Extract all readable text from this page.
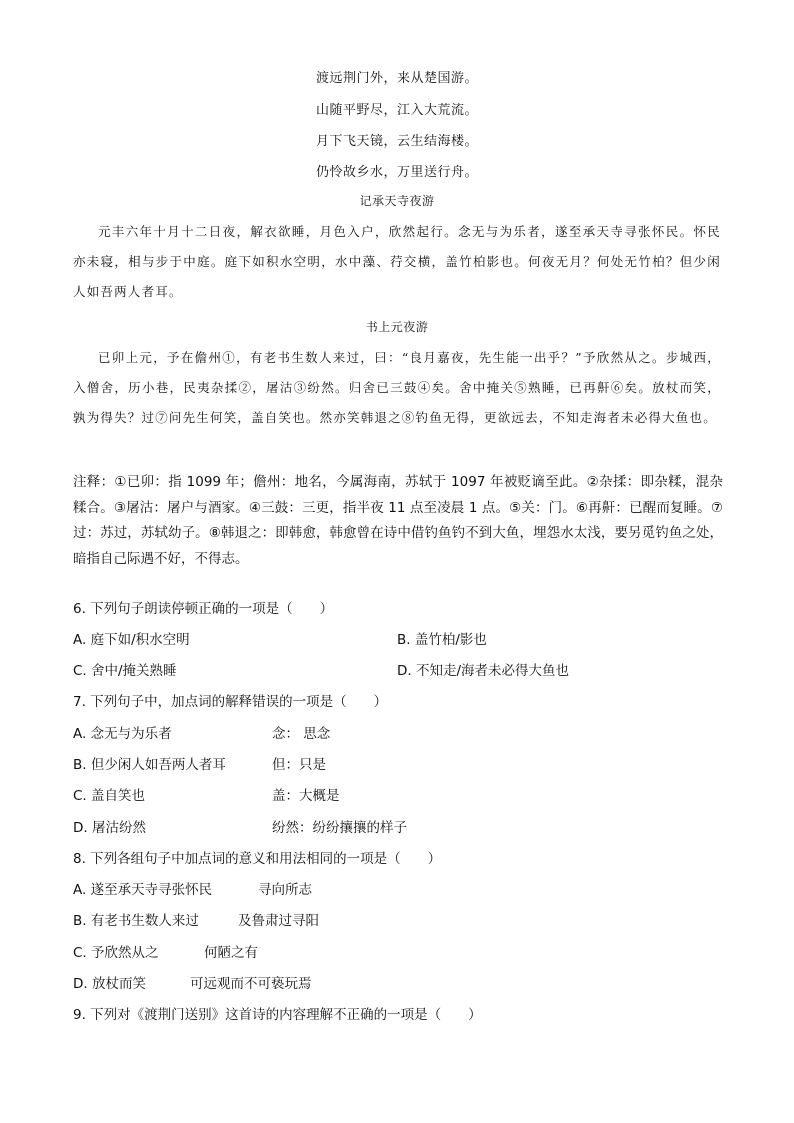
渡远荆门外，来从楚国游。
山随平野尽，江入大荒流。
月下飞天镜，云生结海楼。
仍怜故乡水，万里送行舟。
记承天寺夜游

元丰六年十月十二日夜，解衣欲睡，月色入户，欣然起行。念无与为乐者，遂至承天寺寻张怀民。怀民亦未寝，相与步于中庭。庭下如积水空明，水中藻、荇交横，盖竹柏影也。何夜无月？何处无竹柏？但少闲人如吾两人者耳。

书上元夜游

已卯上元，予在儋州①，有老书生数人来过，曰：“良月嘉夜，先生能一出乎？”予欣然从之。步城西，入僧舍，历小巷，民夷杂揉②，屠沽③纷然。归舍已三鼓④矣。舍中掩关⑤熟睡，已再鼾⑥矣。放杖而笑，孰为得失？过⑦问先生何笑，盖自笑也。然亦笑韩退之⑧钓鱼无得，更欲远去，不知走海者未必得大鱼也。

注释：①已卯：指 1099 年；儋州：地名，今属海南，苏轼于 1097 年被贬谪至此。②杂揉：即杂糅，混杂糅合。③屠沽：屠户与酒家。④三鼓：三更，指半夜 11 点至凌晨 1 点。⑤关：门。⑥再鼾：已醒而复睡。⑦过：苏过，苏轼幼子。⑧韩退之：即韩愈，韩愈曾在诗中借钓鱼钓不到大鱼，埋怨水太浅，要另觅钓鱼之处，暗指自己际遇不好，不得志。

6. 下列句子朗读停顿正确的一项是（　　）
A. 庭下如/积水空明	B. 盖竹柏/影也
C. 舍中/掩关熟睡	D. 不知走/海者未必得大鱼也
7. 下列句子中，加点词的解释错误的一项是（　　）
A. 念无与为乐者	念： 思念
B. 但少闲人如吾两人者耳	但：只是
C. 盖自笑也	盖：大概是
D. 屠沽纷然	纷然：纷纷攘攘的样子
8. 下列各组句子中加点词的意义和用法相同的一项是（　　）
A. 遂至承天寺寻张怀民	寻向所志
B. 有老书生数人来过	及鲁肃过寻阳
C. 予欣然从之	何陋之有
D. 放杖而笑	可远观而不可亵玩焉
9. 下列对《渡荆门送别》这首诗的内容理解不正确的一项是（　　）
